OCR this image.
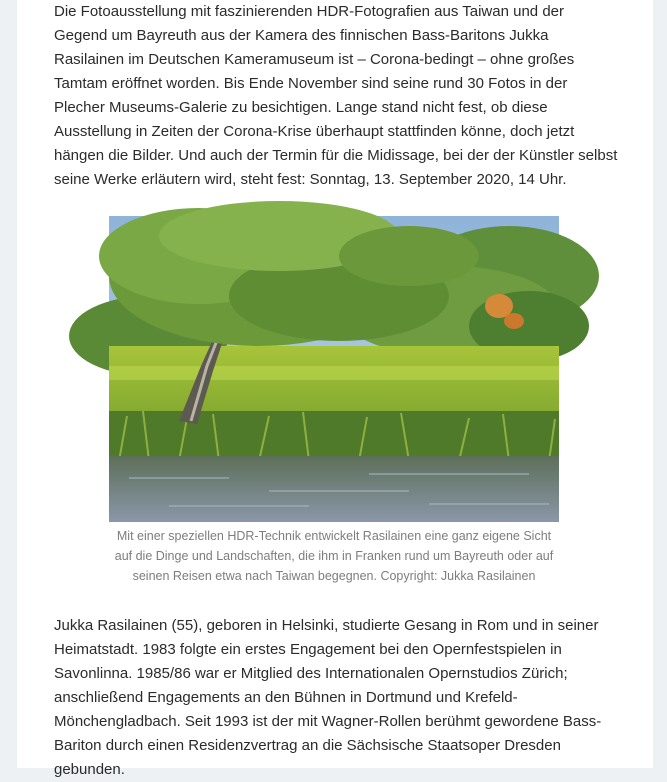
Die Fotoausstellung mit faszinierenden HDR-Fotografien aus Taiwan und der Gegend um Bayreuth aus der Kamera des finnischen Bass-Baritons Jukka Rasilainen im Deutschen Kameramuseum ist – Corona-bedingt – ohne großes Tamtam eröffnet worden. Bis Ende November sind seine rund 30 Fotos in der Plecher Museums-Galerie zu besichtigen. Lange stand nicht fest, ob diese Ausstellung in Zeiten der Corona-Krise überhaupt stattfinden könne, doch jetzt hängen die Bilder. Und auch der Termin für die Midissage, bei der der Künstler selbst seine Werke erläutern wird, steht fest: Sonntag, 13. September 2020, 14 Uhr.

Mit einer speziellen HDR-Technik entwickelt Rasilainen eine ganz eigene Sicht auf die Dinge und Landschaften, die ihm in Franken rund um Bayreuth oder auf seinen Reisen etwa nach Taiwan begegnen. Copyright: Jukka Rasilainen

Jukka Rasilainen (55), geboren in Helsinki, studierte Gesang in Rom und in seiner Heimatstadt. 1983 folgte ein erstes Engagement bei den Opernfestspielen in Savonlinna. 1985/86 war er Mitglied des Internationalen Opernstudios Zürich; anschließend Engagements an den Bühnen in Dortmund und Krefeld-Mönchengladbach. Seit 1993 ist der mit Wagner-Rollen berühmt gewordene Bass-Bariton durch einen Residenzvertrag an die Sächsische Staatsoper Dresden gebunden.
